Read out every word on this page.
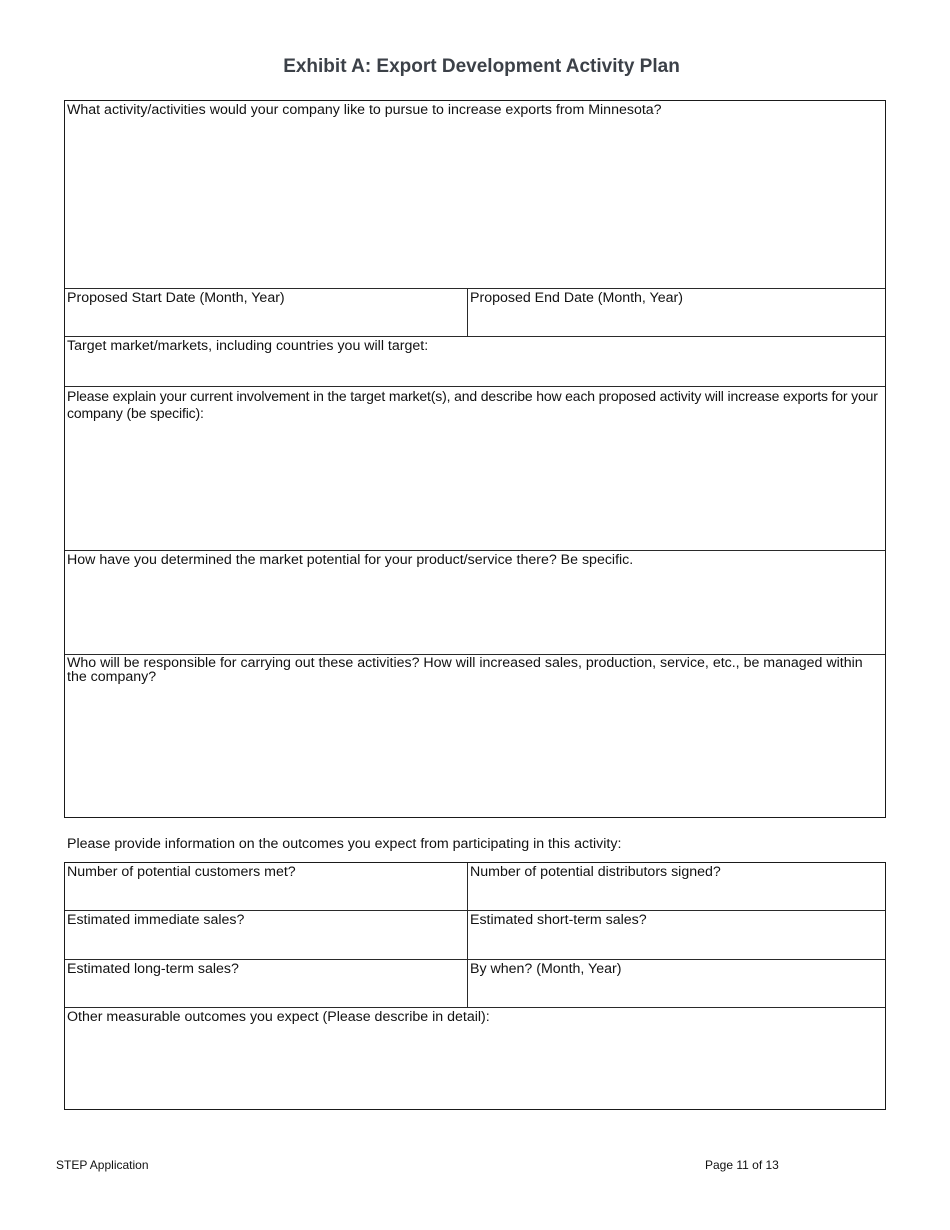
Exhibit A: Export Development Activity Plan
What activity/activities would your company like to pursue to increase exports from Minnesota?
Proposed Start Date (Month, Year)	Proposed End Date (Month, Year)
Target market/markets, including countries you will target:
Please explain your current involvement in the target market(s), and describe how each proposed activity will increase exports for your company (be specific):
How have you determined the market potential for your product/service there? Be specific.
Who will be responsible for carrying out these activities? How will increased sales, production, service, etc., be managed within the company?
Please provide information on the outcomes you expect from participating in this activity:
Number of potential customers met?	Number of potential distributors signed?
Estimated immediate sales?	Estimated short-term sales?
Estimated long-term sales?	By when? (Month, Year)
Other measurable outcomes you expect (Please describe in detail):
STEP Application	Page 11 of 13
